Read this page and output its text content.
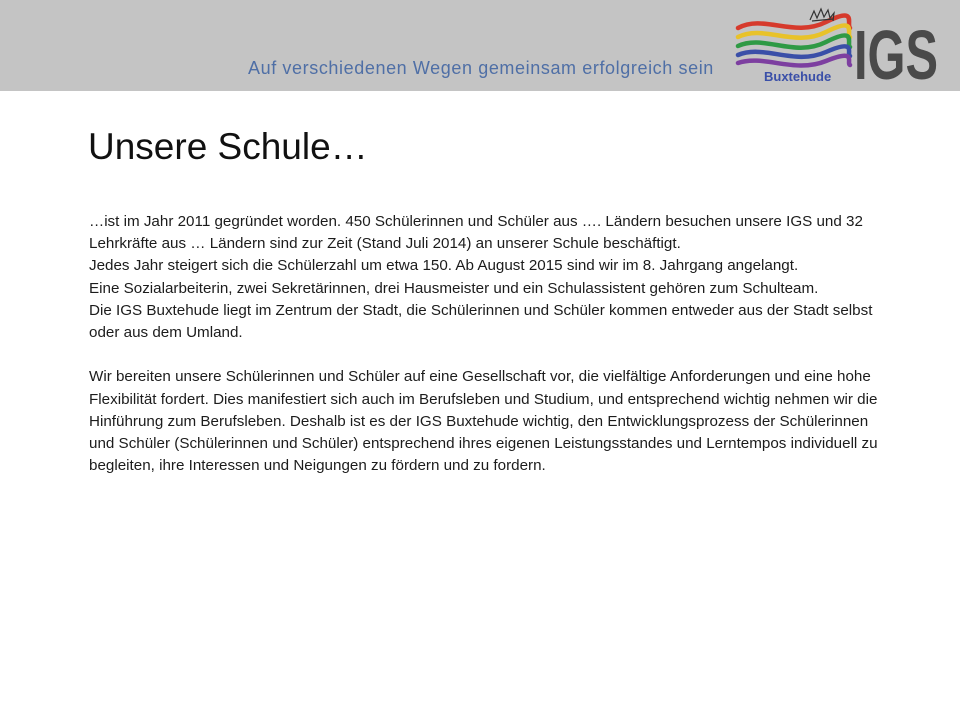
Auf verschiedenen Wegen gemeinsam erfolgreich sein IGS
Buxtehude
Unsere Schule…

…ist im Jahr 2011 gegründet worden. 450 Schülerinnen und Schüler aus …. Ländern besuchen unsere IGS und 32 Lehrkräfte aus … Ländern sind zur Zeit (Stand Juli 2014) an unserer Schule beschäftigt.

Jedes Jahr steigert sich die Schülerzahl um etwa 150. Ab August 2015 sind wir im 8. Jahrgang angelangt.

Eine Sozialarbeiterin, zwei Sekretärinnen, drei Hausmeister und ein Schulassistent gehören zum Schulteam.

Die IGS Buxtehude liegt im Zentrum der Stadt, die Schülerinnen und Schüler kommen entweder aus der Stadt selbst oder aus dem Umland.

Wir bereiten unsere Schülerinnen und Schüler auf eine Gesellschaft vor, die vielfältige Anforderungen und eine hohe Flexibilität fordert. Dies manifestiert sich auch im Berufsleben und Studium, und entsprechend wichtig nehmen wir die Hinführung zum Berufsleben. Deshalb ist es der IGS Buxtehude wichtig, den Entwicklungsprozess der Schülerinnen und Schüler (Schülerinnen und Schüler) entsprechend ihres eigenen Leistungsstandes und Lerntempos individuell zu begleiten, ihre Interessen und Neigungen zu fördern und zu fordern.
